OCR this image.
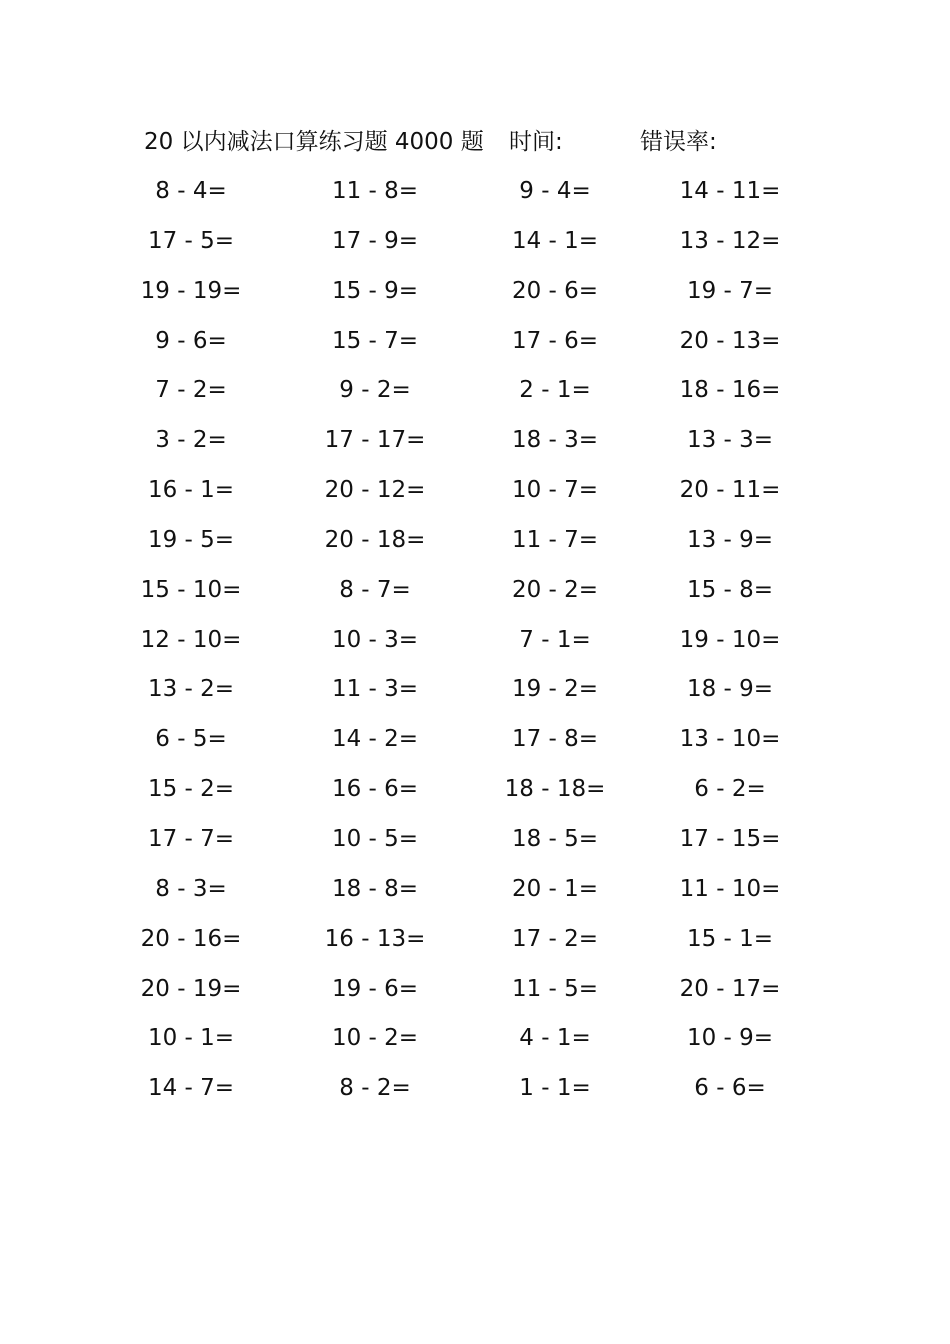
20 以内减法口算练习题 4000 题 时间:	错误率:
8 - 4=	11 - 8=	9 - 4=	14 - 11=
17 - 5=	17 - 9=	14 - 1=	13 - 12=
19 - 19=	15 - 9=	20 - 6=	19 - 7=
9 - 6=	15 - 7=	17 - 6=	20 - 13=
7 - 2=	9 - 2=	2 - 1=	18 - 16=
3 - 2=	17 - 17=	18 - 3=	13 - 3=
16 - 1=	20 - 12=	10 - 7=	20 - 11=
19 - 5=	20 - 18=	11 - 7=	13 - 9=
15 - 10=	8 - 7=	20 - 2=	15 - 8=
12 - 10=	10 - 3=	7 - 1=	19 - 10=
13 - 2=	11 - 3=	19 - 2=	18 - 9=
6 - 5=	14 - 2=	17 - 8=	13 - 10=
15 - 2=	16 - 6=	18 - 18=	6 - 2=
17 - 7=	10 - 5=	18 - 5=	17 - 15=
8 - 3=	18 - 8=	20 - 1=	11 - 10=
20 - 16=	16 - 13=	17 - 2=	15 - 1=
20 - 19=	19 - 6=	11 - 5=	20 - 17=
10 - 1=	10 - 2=	4 - 1=	10 - 9=
14 - 7=	8 - 2=	1 - 1=	6 - 6=
